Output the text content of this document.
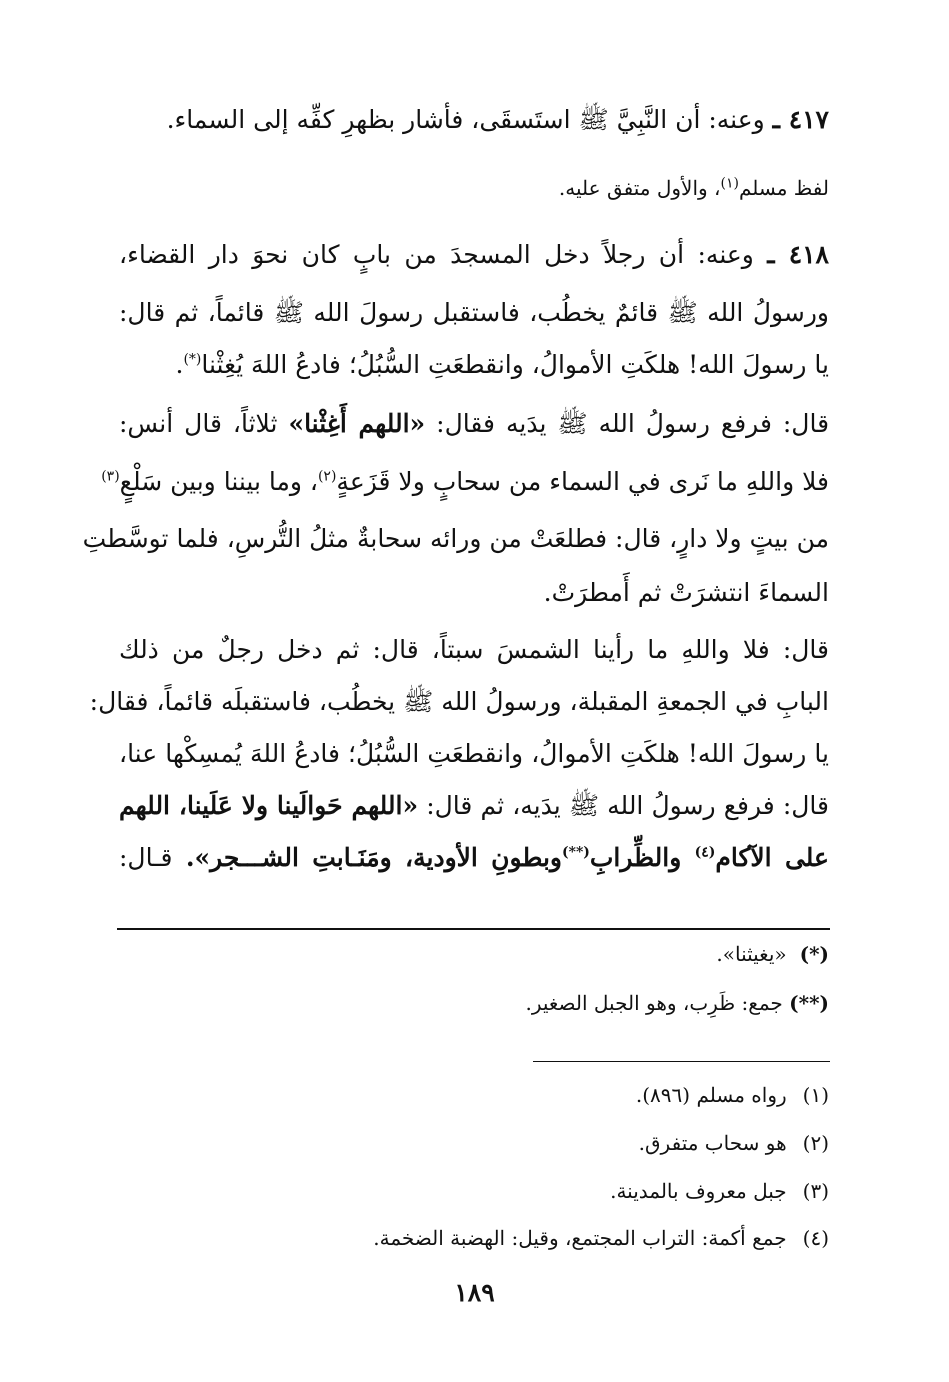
٤١٧ ـ وعنه: أن النَّبِيَّ ﷺ استَسقَى، فأشار بظهرِ كفِّه إلى السماء.
لفظ مسلم$^{(١)}$، والأول متفق عليه.
٤١٨ ـ وعنه: أن رجلاً دخل المسجدَ من بابٍ كان نحوَ دار القضاء،
ورسولُ الله ﷺ قائمٌ يخطُب، فاستقبل رسولَ الله ﷺ قائماً، ثم قال:
يا رسولَ الله! هلكَتِ الأموالُ، وانقطعَتِ السُّبُلُ؛ فادعُ اللهَ يُغِثْنا(*).
قال: فرفع رسولُ الله ﷺ يدَيه فقال: «اللهم أَغِثْنا» ثلاثاً، قال أنس:
فلا واللهِ ما نَرى في السماء من سحابٍ ولا قَزَعةٍ$^{(٢)}$، وما بيننا وبين سَلْعٍ$^{(٣)}$
من بيتٍ ولا دارٍ، قال: فطلعَتْ من ورائه سحابةٌ مثلُ التُّرسِ، فلما توسَّطتِ
السماءَ انتشرَتْ ثم أَمطرَتْ.
قال: فلا واللهِ ما رأينا الشمسَ سبتاً، قال: ثم دخل رجلٌ من ذلك
البابِ في الجمعةِ المقبلة، ورسولُ الله ﷺ يخطُب، فاستقبلَه قائماً، فقال:
يا رسولَ الله! هلكَتِ الأموالُ، وانقطعَتِ السُّبُلُ؛ فادعُ اللهَ يُمسِكْها عنا،
قال: فرفع رسولُ الله ﷺ يدَيه، ثم قال: «اللهم حَوالَينا ولا عَلَينا، اللهم
على الآكام$^{(٤)}$ والظِّرابِ(**)وبطونِ الأودية، ومَنَـابتِ الشـــجر». قـال:
(*) «يغيثنا».
(**) جمع: ظَرِب، وهو الجبل الصغير.
(١) رواه مسلم (٨٩٦).
(٢) هو سحاب متفرق.
(٣) جبل معروف بالمدينة.
(٤) جمع أكمة: التراب المجتمع، وقيل: الهضبة الضخمة.
١٨٩
